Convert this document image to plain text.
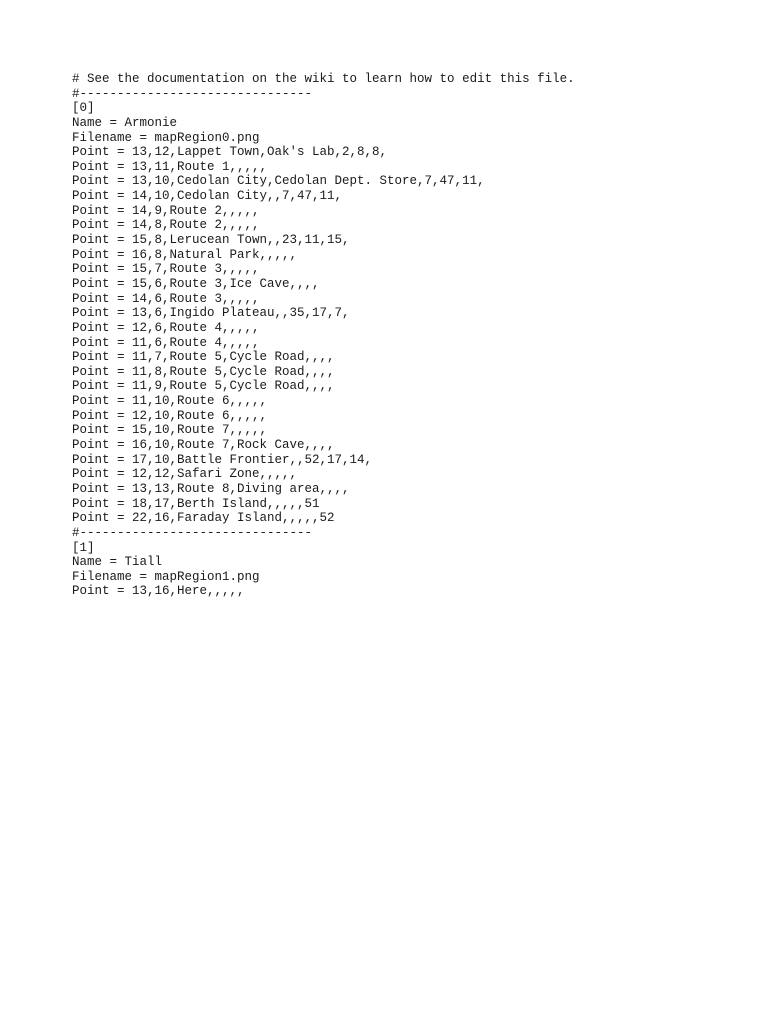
# See the documentation on the wiki to learn how to edit this file.
#-------------------------------
[0]
Name = Armonie
Filename = mapRegion0.png
Point = 13,12,Lappet Town,Oak's Lab,2,8,8,
Point = 13,11,Route 1,,,,,
Point = 13,10,Cedolan City,Cedolan Dept. Store,7,47,11,
Point = 14,10,Cedolan City,,7,47,11,
Point = 14,9,Route 2,,,,,
Point = 14,8,Route 2,,,,,
Point = 15,8,Lerucean Town,,23,11,15,
Point = 16,8,Natural Park,,,,,
Point = 15,7,Route 3,,,,,
Point = 15,6,Route 3,Ice Cave,,,,
Point = 14,6,Route 3,,,,,
Point = 13,6,Ingido Plateau,,35,17,7,
Point = 12,6,Route 4,,,,,
Point = 11,6,Route 4,,,,,
Point = 11,7,Route 5,Cycle Road,,,,
Point = 11,8,Route 5,Cycle Road,,,,
Point = 11,9,Route 5,Cycle Road,,,,
Point = 11,10,Route 6,,,,,
Point = 12,10,Route 6,,,,,
Point = 15,10,Route 7,,,,,
Point = 16,10,Route 7,Rock Cave,,,,
Point = 17,10,Battle Frontier,,52,17,14,
Point = 12,12,Safari Zone,,,,,
Point = 13,13,Route 8,Diving area,,,,
Point = 18,17,Berth Island,,,,,51
Point = 22,16,Faraday Island,,,,,52
#-------------------------------
[1]
Name = Tiall
Filename = mapRegion1.png
Point = 13,16,Here,,,,,
